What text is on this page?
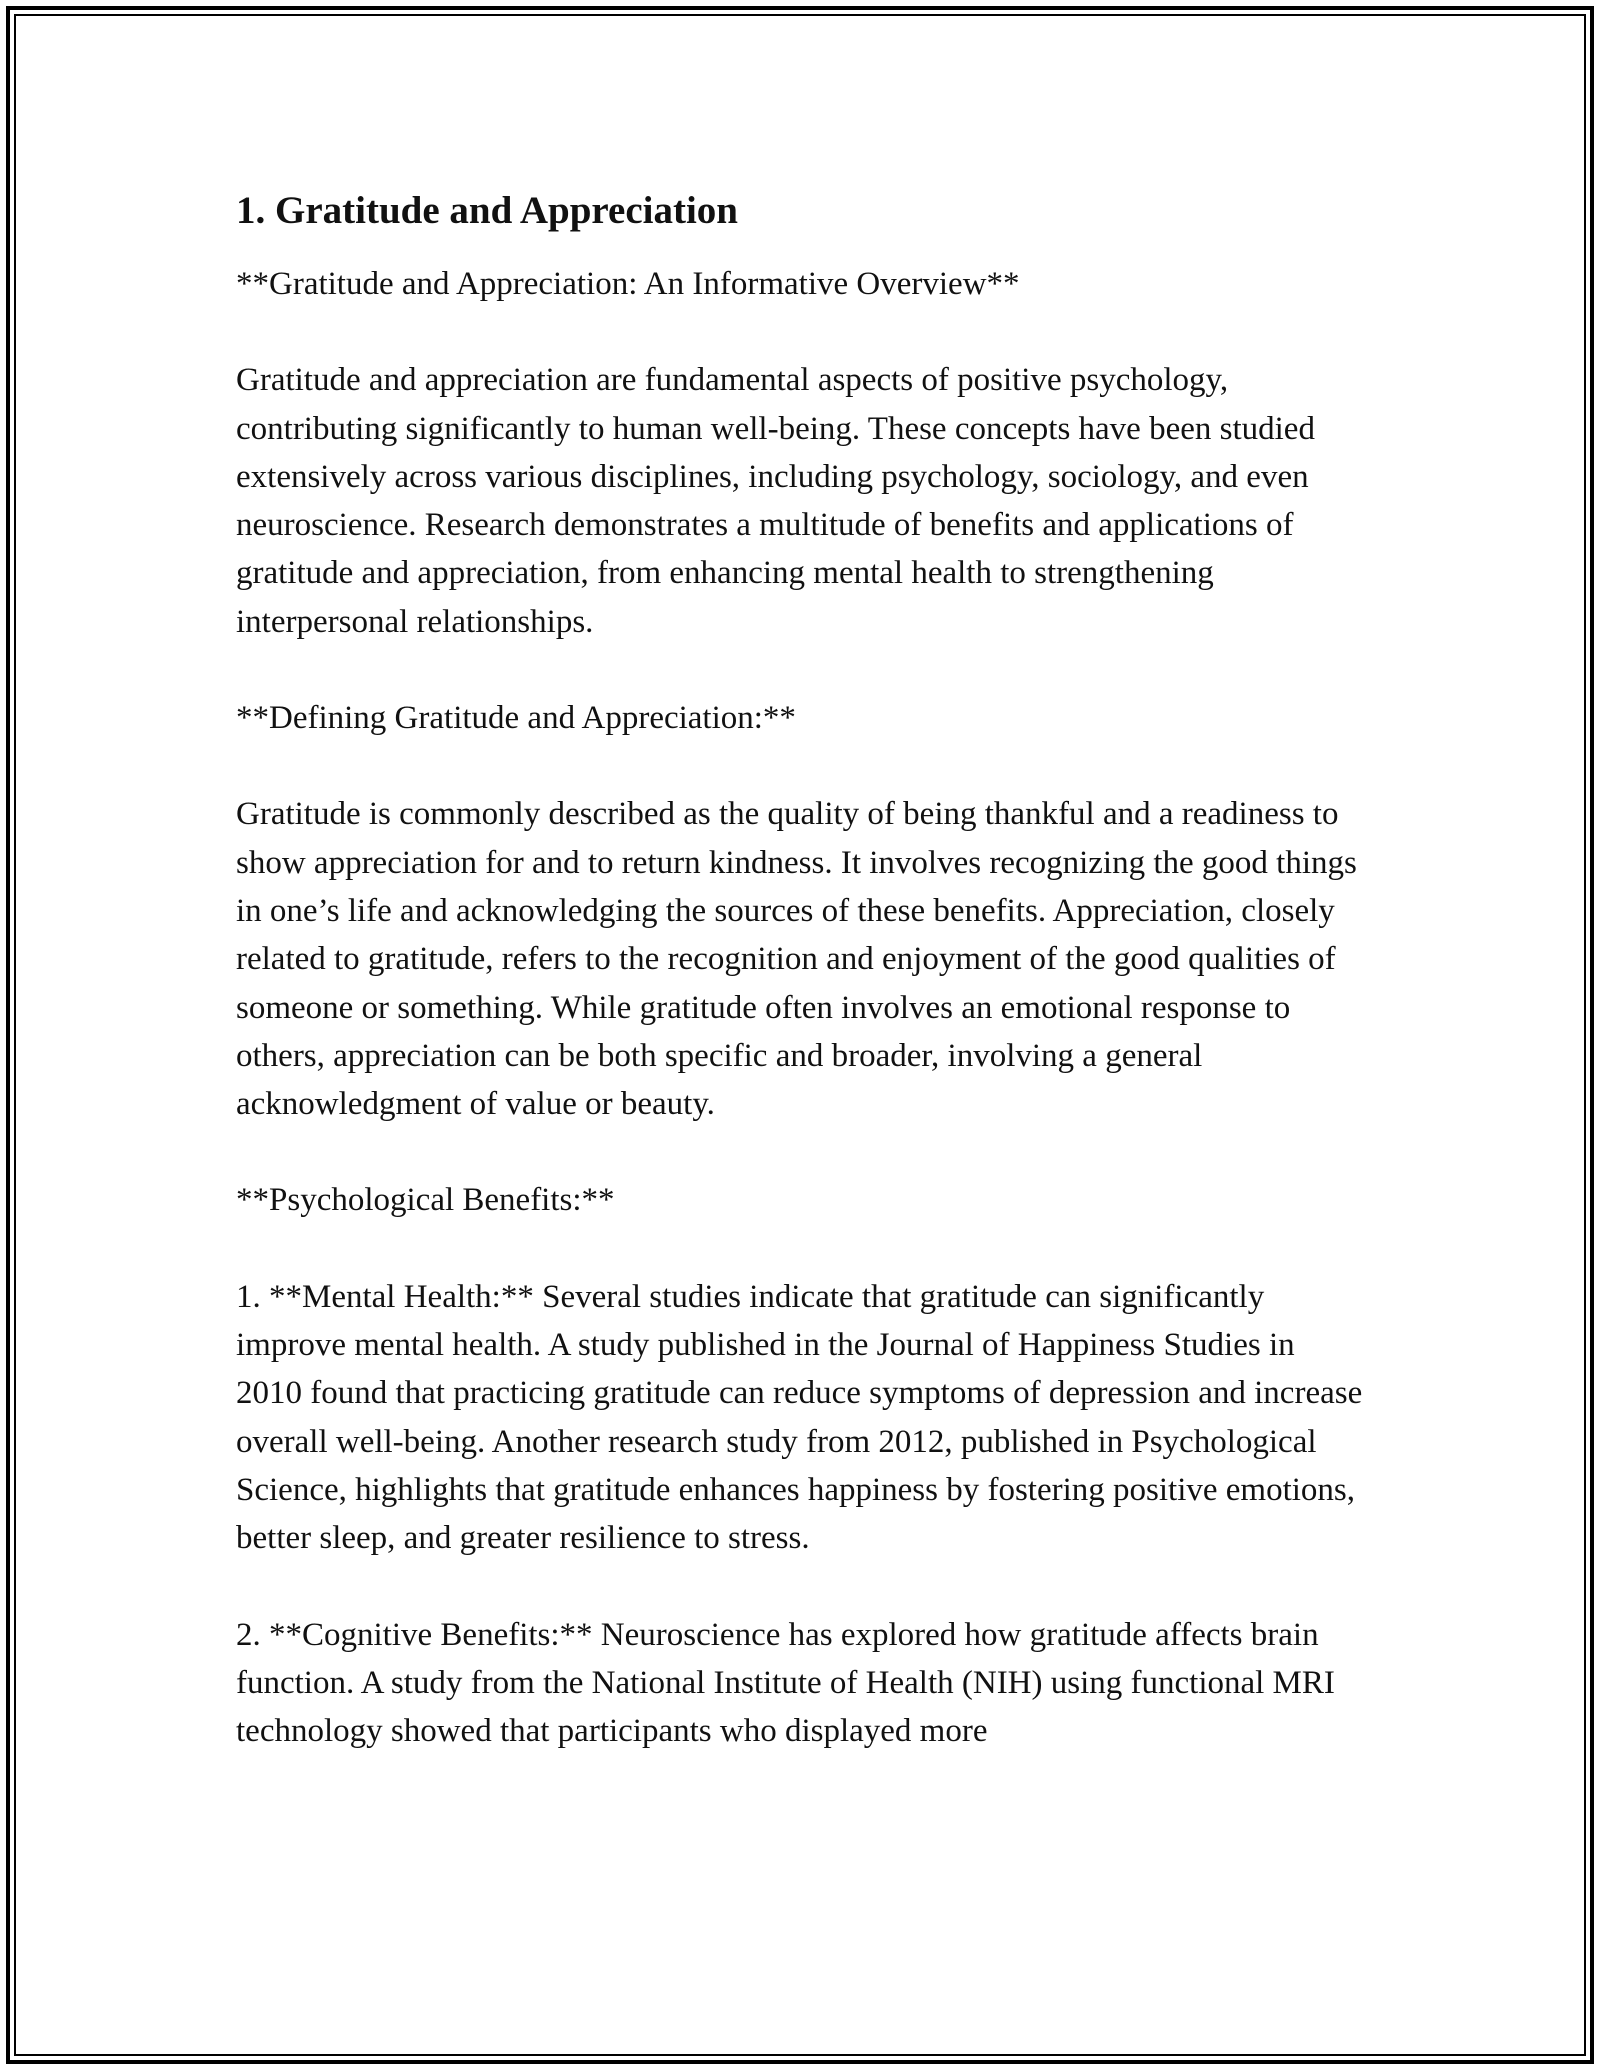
1. Gratitude and Appreciation

**Gratitude and Appreciation: An Informative Overview**

Gratitude and appreciation are fundamental aspects of positive psychology, contributing significantly to human well-being. These concepts have been studied extensively across various disciplines, including psychology, sociology, and even neuroscience. Research demonstrates a multitude of benefits and applications of gratitude and appreciation, from enhancing mental health to strengthening interpersonal relationships.

**Defining Gratitude and Appreciation:**

Gratitude is commonly described as the quality of being thankful and a readiness to show appreciation for and to return kindness. It involves recognizing the good things in one’s life and acknowledging the sources of these benefits. Appreciation, closely related to gratitude, refers to the recognition and enjoyment of the good qualities of someone or something. While gratitude often involves an emotional response to others, appreciation can be both specific and broader, involving a general acknowledgment of value or beauty.

**Psychological Benefits:**

1. **Mental Health:** Several studies indicate that gratitude can significantly improve mental health. A study published in the Journal of Happiness Studies in 2010 found that practicing gratitude can reduce symptoms of depression and increase overall well-being. Another research study from 2012, published in Psychological Science, highlights that gratitude enhances happiness by fostering positive emotions, better sleep, and greater resilience to stress.

2. **Cognitive Benefits:** Neuroscience has explored how gratitude affects brain function. A study from the National Institute of Health (NIH) using functional MRI technology showed that participants who displayed more
